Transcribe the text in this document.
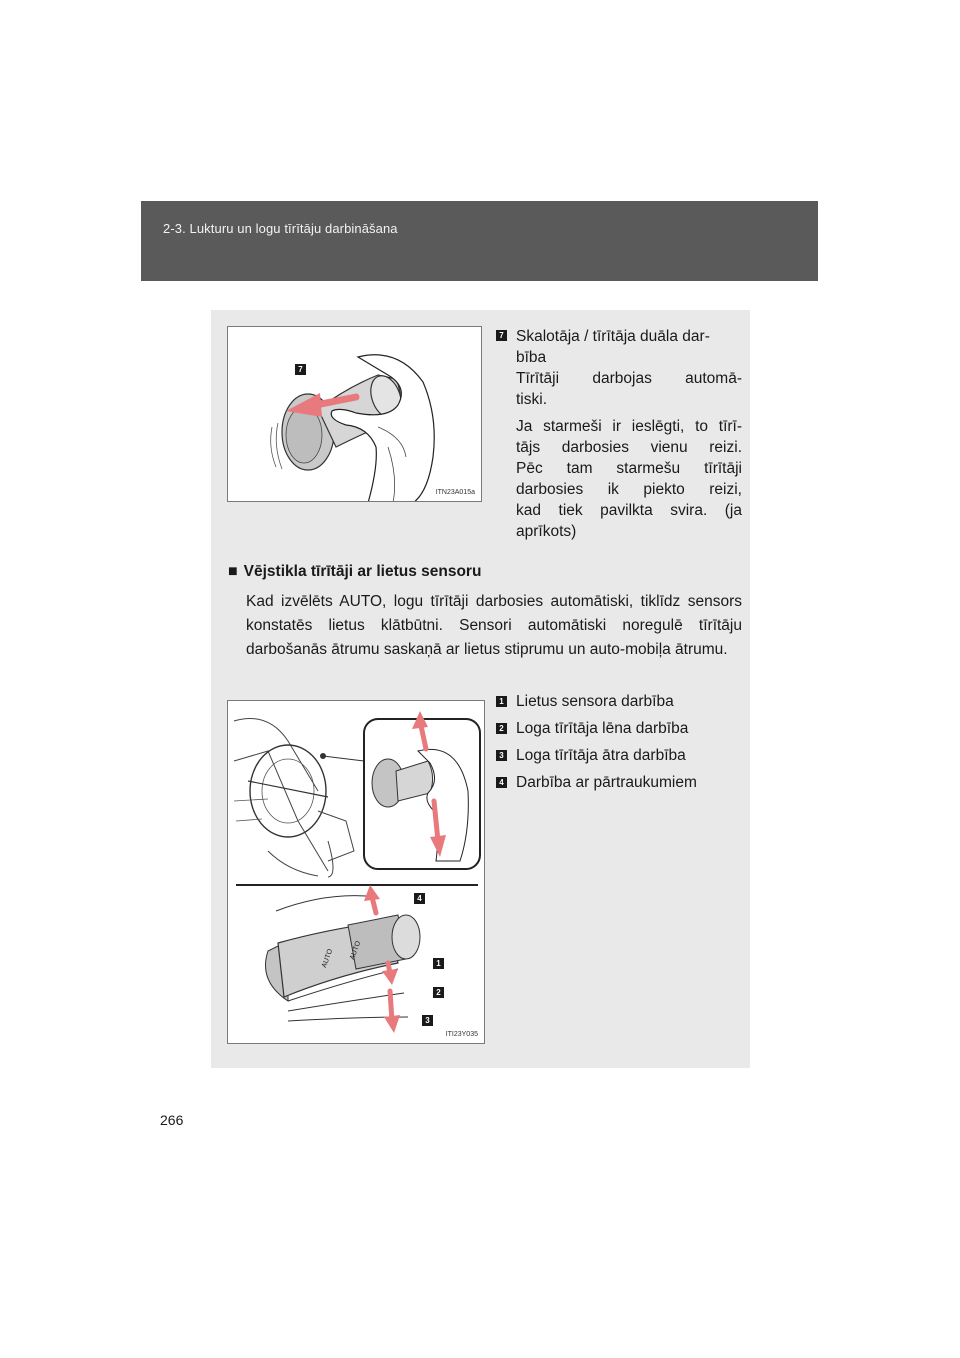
2-3. Lukturu un logu tīrītāju darbināšana
7
ITN23A015a
7 Skalotāja / tīrītāja duāla dar-

bība

Tīrītāji darbojas automā-

tiski.

Ja starmeši ir ieslēgti, to tīrī-

tājs darbosies vienu reizi.

Pēc tam starmešu tīrītāji

darbosies ik piekto reizi,

kad tiek pavilkta svira. (ja

aprīkots)

■ Vējstikla tīrītāji ar lietus sensoru
Kad izvēlēts AUTO, logu tīrītāji darbosies automātiski, tiklīdz sensors konstatēs lietus klātbūtni. Sensori automātiski noregulē tīrītāju darbošanās ātrumu saskaņā ar lietus stiprumu un auto-mobiļa ātrumu.
4
1
2
3
AUTO AUTO
ITI23Y035
1 Lietus sensora darbība
2 Loga tīrītāja lēna darbība
3 Loga tīrītāja ātra darbība
4 Darbība ar pārtraukumiem
266
